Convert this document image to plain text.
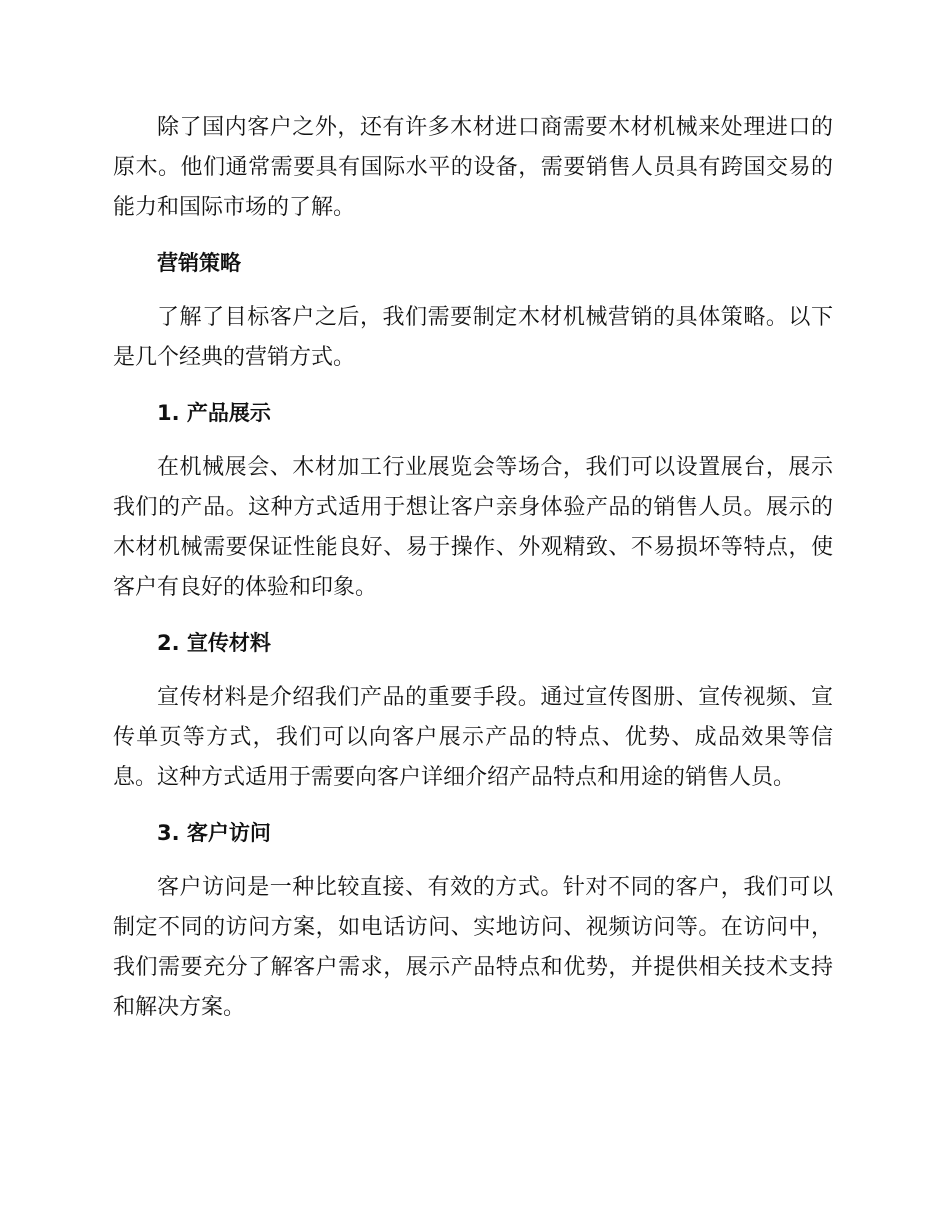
除了国内客户之外，还有许多木材进口商需要木材机械来处理进口的原木。他们通常需要具有国际水平的设备，需要销售人员具有跨国交易的能力和国际市场的了解。

营销策略

了解了目标客户之后，我们需要制定木材机械营销的具体策略。以下是几个经典的营销方式。

1. 产品展示

在机械展会、木材加工行业展览会等场合，我们可以设置展台，展示我们的产品。这种方式适用于想让客户亲身体验产品的销售人员。展示的木材机械需要保证性能良好、易于操作、外观精致、不易损坏等特点，使客户有良好的体验和印象。

2. 宣传材料

宣传材料是介绍我们产品的重要手段。通过宣传图册、宣传视频、宣传单页等方式，我们可以向客户展示产品的特点、优势、成品效果等信息。这种方式适用于需要向客户详细介绍产品特点和用途的销售人员。

3. 客户访问

客户访问是一种比较直接、有效的方式。针对不同的客户，我们可以制定不同的访问方案，如电话访问、实地访问、视频访问等。在访问中，我们需要充分了解客户需求，展示产品特点和优势，并提供相关技术支持和解决方案。
